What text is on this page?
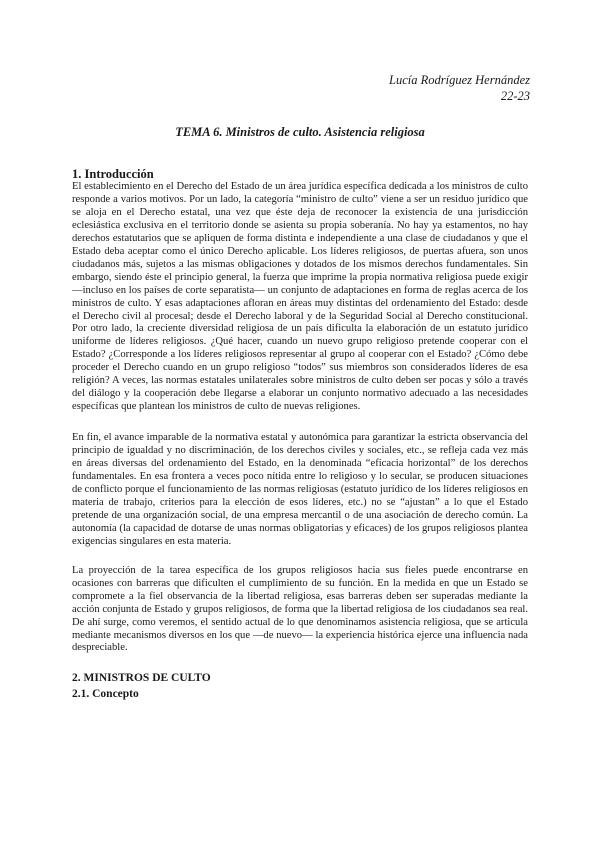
Lucía Rodríguez Hernández
22-23
TEMA 6. Ministros de culto. Asistencia religiosa

1. Introducción

El establecimiento en el Derecho del Estado de un área jurídica específica dedicada a los ministros de culto responde a varios motivos. Por un lado, la categoría “ministro de culto” viene a ser un residuo jurídico que se aloja en el Derecho estatal, una vez que éste deja de reconocer la existencia de una jurisdicción eclesiástica exclusiva en el territorio donde se asienta su propia soberanía. No hay ya estamentos, no hay derechos estatutarios que se apliquen de forma distinta e independiente a una clase de ciudadanos y que el Estado deba aceptar como el único Derecho aplicable. Los líderes religiosos, de puertas afuera, son unos ciudadanos más, sujetos a las mismas obligaciones y dotados de los mismos derechos fundamentales. Sin embargo, siendo éste el principio general, la fuerza que imprime la propia normativa religiosa puede exigir —incluso en los países de corte separatista— un conjunto de adaptaciones en forma de reglas acerca de los ministros de culto. Y esas adaptaciones afloran en áreas muy distintas del ordenamiento del Estado: desde el Derecho civil al procesal; desde el Derecho laboral y de la Seguridad Social al Derecho constitucional. Por otro lado, la creciente diversidad religiosa de un país dificulta la elaboración de un estatuto jurídico uniforme de líderes religiosos. ¿Qué hacer, cuando un nuevo grupo religioso pretende cooperar con el Estado? ¿Corresponde a los líderes religiosos representar al grupo al cooperar con el Estado? ¿Cómo debe proceder el Derecho cuando en un grupo religioso “todos” sus miembros son considerados líderes de esa religión? A veces, las normas estatales unilaterales sobre ministros de culto deben ser pocas y sólo a través del diálogo y la cooperación debe llegarse a elaborar un conjunto normativo adecuado a las necesidades específicas que plantean los ministros de culto de nuevas religiones.

En fin, el avance imparable de la normativa estatal y autonómica para garantizar la estricta observancia del principio de igualdad y no discriminación, de los derechos civiles y sociales, etc., se refleja cada vez más en áreas diversas del ordenamiento del Estado, en la denominada “eficacia horizontal” de los derechos fundamentales. En esa frontera a veces poco nítida entre lo religioso y lo secular, se producen situaciones de conflicto porque el funcionamiento de las normas religiosas (estatuto jurídico de los líderes religiosos en materia de trabajo, criterios para la elección de esos líderes, etc.) no se “ajustan” a lo que el Estado pretende de una organización social, de una empresa mercantil o de una asociación de derecho común. La autonomía (la capacidad de dotarse de unas normas obligatorias y eficaces) de los grupos religiosos plantea exigencias singulares en esta materia.

La proyección de la tarea específica de los grupos religiosos hacia sus fieles puede encontrarse en ocasiones con barreras que dificulten el cumplimiento de su función. En la medida en que un Estado se compromete a la fiel observancia de la libertad religiosa, esas barreras deben ser superadas mediante la acción conjunta de Estado y grupos religiosos, de forma que la libertad religiosa de los ciudadanos sea real. De ahí surge, como veremos, el sentido actual de lo que denominamos asistencia religiosa, que se articula mediante mecanismos diversos en los que —de nuevo— la experiencia histórica ejerce una influencia nada despreciable.

2. MINISTROS DE CULTO

2.1. Concepto
